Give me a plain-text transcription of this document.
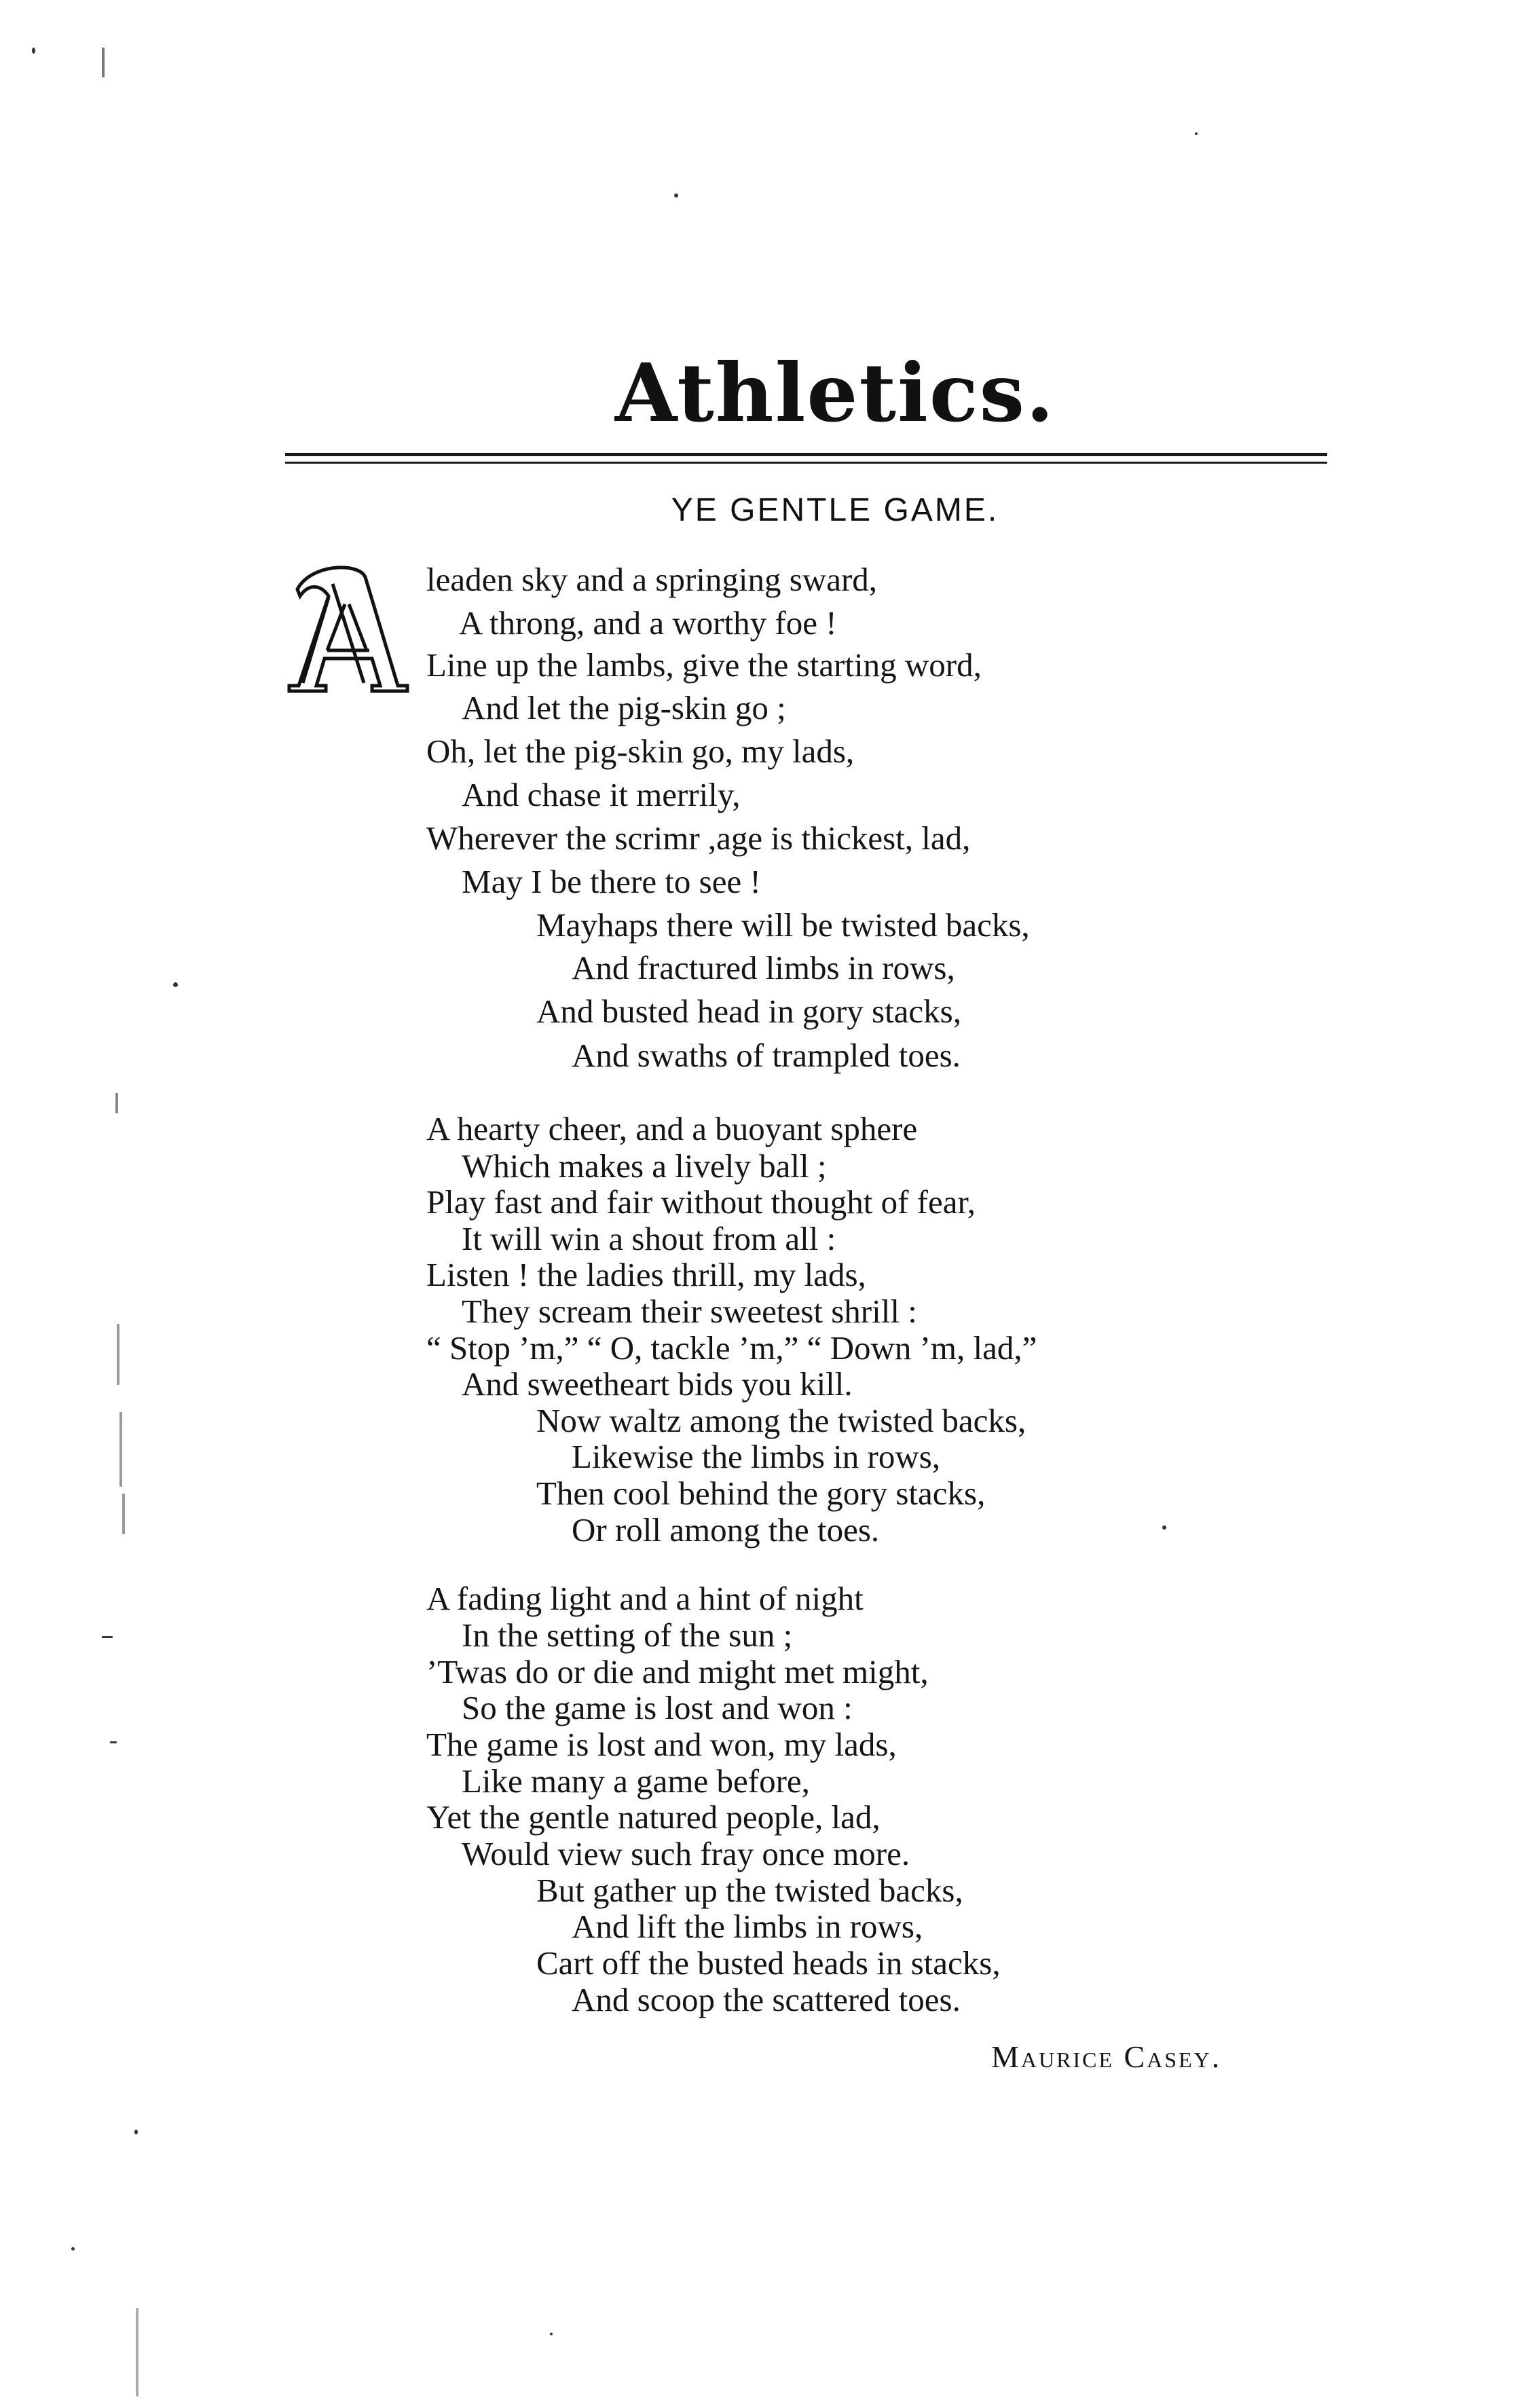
Athletics.
YE GENTLE GAME.
leaden sky and a springing sward,
A throng, and a worthy foe !
Line up the lambs, give the starting word,
And let the pig-skin go ;
Oh, let the pig-skin go, my lads,
And chase it merrily,
Wherever the scrimr ,age is thickest, lad,
May I be there to see !
Mayhaps there will be twisted backs,
And fractured limbs in rows,
And busted head in gory stacks,
And swaths of trampled toes.
A hearty cheer, and a buoyant sphere
Which makes a lively ball ;
Play fast and fair without thought of fear,
It will win a shout from all :
Listen ! the ladies thrill, my lads,
They scream their sweetest shrill :
“ Stop ’m,” “ O, tackle ’m,” “ Down ’m, lad,”
And sweetheart bids you kill.
Now waltz among the twisted backs,
Likewise the limbs in rows,
Then cool behind the gory stacks,
Or roll among the toes.
A fading light and a hint of night
In the setting of the sun ;
’Twas do or die and might met might,
So the game is lost and won :
The game is lost and won, my lads,
Like many a game before,
Yet the gentle natured people, lad,
Would view such fray once more.
But gather up the twisted backs,
And lift the limbs in rows,
Cart off the busted heads in stacks,
And scoop the scattered toes.
Maurice Casey.
